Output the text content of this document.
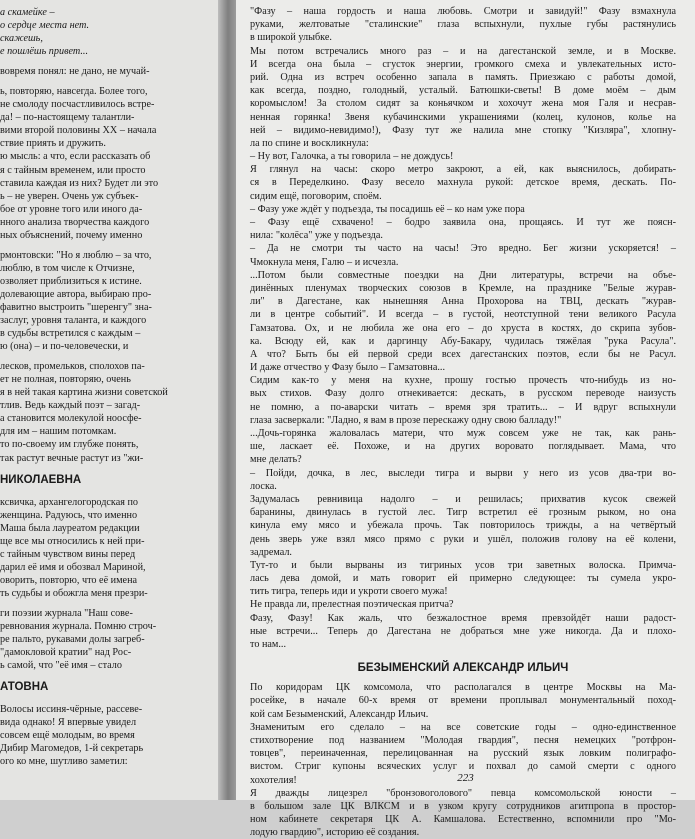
а скамейке –

о сердце места нет.

скажешь,

е пошлёшь привет...

вовремя понял: не дано, не мучай-

ь, повторяю, навсегда. Более того,

не смолоду посчастливилось встре-

да! – по-настоящему талантли-

вими второй половины XX – начала

ствие приять и дружить.

ю мысль: а что, если рассказать об

я с тайным временем, или просто

ставила каждая из них? Будет ли это

ь – не уверен. Очень уж субъек-

бое от уровне того или иного да-

нного анализа творчества каждого

ных объяснений, почему именно

рмонтовски: "Но я люблю – за что,

люблю, в том числе к Отчизне,

озволяет приблизиться к истине.

долевающие автора, выбираю про-

фавитно выстроить "шеренгу" зна-

заслуг, уровня таланта, и каждого

в судьбы встретился с каждым –

ю (она) – и по-человечески, и

лесков, промельков, сполохов па-

ет не полная, повторяю, очень

я в ней такая картина жизни советской

тлив. Ведь каждый поэт – загад-

а становится молекулой ноосфе-

для им – нашим потомкам.

то по-своему им глубже понять,

так растут вечные растут из "жи-

НИКОЛАЕВНА

ксвичка, архангелогородская по

женщина. Радуюсь, что именно

Маша была лауреатом редакции

ще все мы относились к ней при-

с тайным чувством вины перед

дарил её имя и обозвал Мариной,

оворить, повторю, что её имена

ть судьбы и обожгла меня презри-

ги поэзии журнала "Наш сове-

ревнования журнала. Помню строч-

ре пальто, рукавами долы загреб-

"дамокловой кратии" над Рос-

ь самой, что "её имя – стало

АТОВНА

Волосы иссиня-чёрные, рассеве-

вида однако! Я впервые увидел

совсем ещё молодым, во время

Дибир Магомедов, 1-й секретарь

ого ко мне, шутливо заметил:

"Фазу – наша гордость и наша любовь. Смотри и завидуй!" Фазу взмахнула

руками, желтоватые "сталинские" глаза вспыхнули, пухлые губы растянулись

в широкой улыбке.

Мы потом встречались много раз – и на дагестанской земле, и в Москве.

И всегда она была – сгусток энергии, громкого смеха и увлекательных исто-

рий. Одна из встреч особенно запала в память. Приезжаю с работы домой,

как всегда, поздно, голодный, усталый. Батюшки-светы! В доме моём – дым

коромыслом! За столом сидят за коньячком и хохочут жена моя Галя и несрав-

ненная горянка! Звеня кубачинскими украшениями (колец, кулонов, колье на

ней – видимо-невидимо!), Фазу тут же налила мне стопку "Кизляра", хлопну-

ла по спине и воскликнула:

– Ну вот, Галочка, а ты говорила – не дождусь!

Я глянул на часы: скоро метро закроют, а ей, как выяснилось, добирать-

ся в Переделкино. Фазу весело махнула рукой: детское время, дескать. По-

сидим ещё, поговорим, споём.

– Фазу уже ждёт у подъезда, ты посадишь её – ко нам уже пора

– Фазу ещё схвачено! – бодро заявила она, прощаясь. И тут же поясн-

нила: "колёса" уже у подъезда.

– Да не смотри ты часто на часы! Это вредно. Бег жизни ускоряется! –

Чмокнула меня, Галю – и исчезла.

...Потом были совместные поездки на Дни литературы, встречи на объе-

динённых пленумах творческих союзов в Кремле, на празднике "Белые журав-

ли" в Дагестане, как нынешняя Анна Прохорова на ТВЦ, дескать "журав-

ли в центре событий". И всегда – в густой, неотступной тени великого Расула

Гамзатова. Ох, и не любила же она его – до хруста в костях, до скрипа зубов-

ка. Всюду ей, как и даргинцу Абу-Бакару, чудилась тяжёлая "рука Расула".

А что? Быть бы ей первой среди всех дагестанских поэтов, если бы не Расул.

И даже отчество у Фазу было – Гамзатовна...

Сидим как-то у меня на кухне, прошу гостью прочесть что-нибудь из но-

вых стихов. Фазу долго отнекивается: дескать, в русском переводе наизусть

не помню, а по-аварски читать – время зря тратить... – И вдруг вспыхнули

глаза засверкали: "Ладно, я вам в прозе перескажу одну свою балладу!"

...Дочь-горянка жаловалась матери, что муж совсем уже не так, как рань-

ше, ласкает её. Похоже, и на других ворoвато поглядывает. Мама, что

мне делать?

– Пойди, дочка, в лес, выследи тигра и вырви у него из усов два-три во-

лоска.

Задумалась ревнивица надолго – и решилась; прихватив кусок свежей

баранины, двинулась в густой лес. Тигр встретил её грозным рыком, но она

кинула ему мясо и убежала прочь. Так повторилось трижды, а на четвёртый

день зверь уже взял мясо прямо с руки и ушёл, положив голову на её колени,

задремал.

Тут-то и были вырваны из тигриных усов три заветных волоска. Примча-

лась дева домой, и мать говорит ей примерно следующее: ты сумела укро-

тить тигра, теперь иди и укроти своего мужа!

Не правда ли, прелестная поэтическая притча?

Фазу, Фазу! Как жаль, что безжалостное время превзойдёт наши радост-

ные встречи... Теперь до Дагестана не добраться мне уже никогда. Да и плохо-

то нам...

БЕЗЫМЕНСКИЙ АЛЕКСАНДР ИЛЬИЧ

По коридорам ЦК комсомола, что располагался в центре Москвы на Ма-

росейке, в начале 60-х время от времени проплывал монументальный поход-

кой сам Безыменский, Александр Ильич.

Знаменитым его сделало – на все советские годы – одно-единственное

стихотворение под названием "Молодая гвардия", песня немецких "ротфрон-

товцев", переиначенная, перелицованная на русский язык ловким полиграфо-

вистом. Стриг купоны всяческих услуг и похвал до самой смерти с одного

хохотелия!

Я дважды лицезрел "бронзовоголового" певца комсомольской юности –

в большом зале ЦК ВЛКСМ и в узком кругу сотрудников агитпропа в простор-

ном кабинете секретаря ЦК А. Камшалова. Естественно, вспомнили про "Мо-

лодую гвардию", историю её создания.

223
